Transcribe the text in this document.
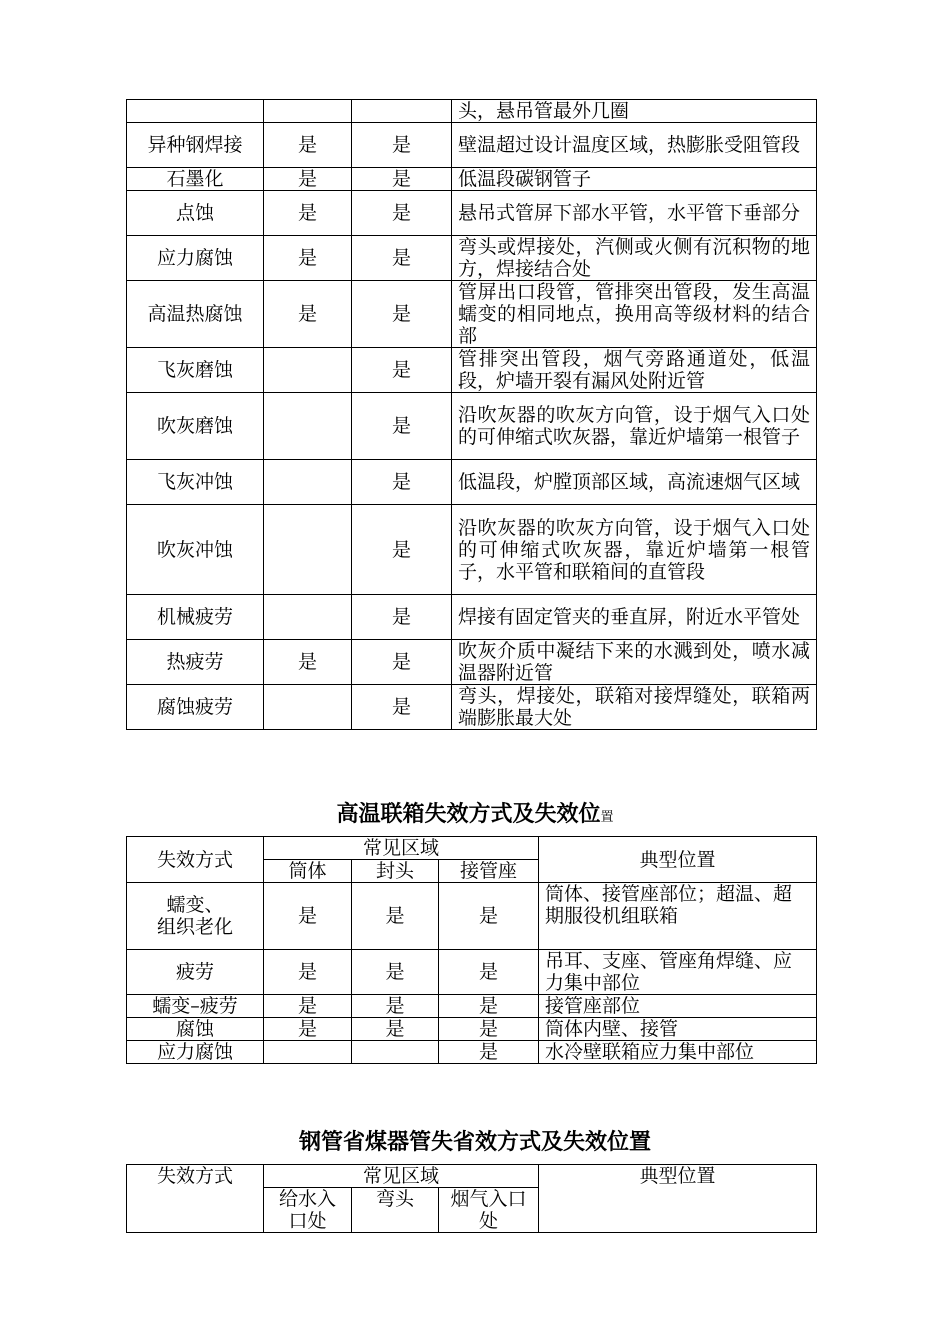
			头，悬吊管最外几圈
异种钢焊接	是	是	壁温超过设计温度区域，热膨胀受阻管段
石墨化	是	是	低温段碳钢管子
点蚀	是	是	悬吊式管屏下部水平管，水平管下垂部分
应力腐蚀	是	是	弯头或焊接处，汽侧或火侧有沉积物的地方，焊接结合处
高温热腐蚀	是	是	管屏出口段管，管排突出管段，发生高温蠕变的相同地点，换用高等级材料的结合部
飞灰磨蚀		是	管排突出管段，烟气旁路通道处，低温段，炉墙开裂有漏风处附近管
吹灰磨蚀		是	沿吹灰器的吹灰方向管，设于烟气入口处的可伸缩式吹灰器，靠近炉墙第一根管子
飞灰冲蚀		是	低温段，炉膛顶部区域，高流速烟气区域
吹灰冲蚀		是	沿吹灰器的吹灰方向管，设于烟气入口处的可伸缩式吹灰器，靠近炉墙第一根管子，水平管和联箱间的直管段
机械疲劳		是	焊接有固定管夹的垂直屏，附近水平管处
热疲劳	是	是	吹灰介质中凝结下来的水溅到处，喷水减温器附近管
腐蚀疲劳		是	弯头，焊接处，联箱对接焊缝处，联箱两端膨胀最大处
高温联箱失效方式及失效位置
失效方式	常见区域			典型位置
	筒体	封头	接管座	
蠕变、
组织老化	是	是	是	筒体、接管座部位；超温、超期服役机组联箱
疲劳	是	是	是	吊耳、支座、管座角焊缝、应力集中部位
蠕变–疲劳	是	是	是	接管座部位
腐蚀	是	是	是	筒体内壁、接管
应力腐蚀			是	水冷壁联箱应力集中部位
钢管省煤器管失省效方式及失效位置
失效方式	常见区域			典型位置
	给水入口处	弯头	烟气入口处	
